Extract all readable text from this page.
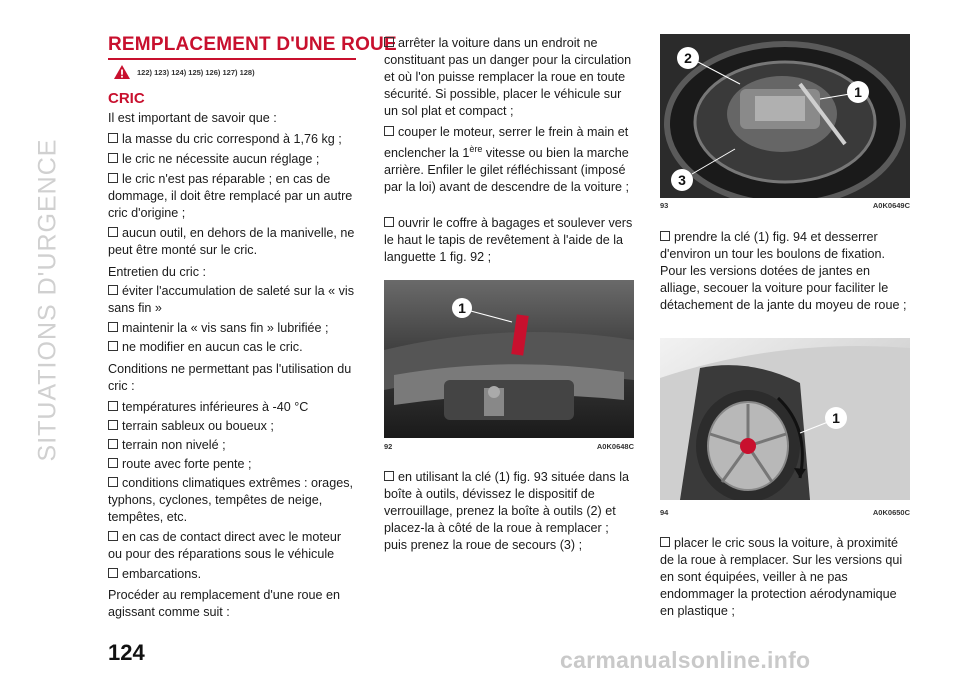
SITUATIONS D'URGENCE
REMPLACEMENT D'UNE ROUE
122) 123) 124) 125) 126) 127) 128)
CRIC

Il est important de savoir que :

la masse du cric correspond à 1,76 kg ;

le cric ne nécessite aucun réglage ;

le cric n'est pas réparable ; en cas de dommage, il doit être remplacé par un autre cric d'origine ;

aucun outil, en dehors de la manivelle, ne peut être monté sur le cric.

Entretien du cric :

éviter l'accumulation de saleté sur la « vis sans fin »

maintenir la « vis sans fin » lubrifiée ;

ne modifier en aucun cas le cric.

Conditions ne permettant pas l'utilisation du cric :

températures inférieures à -40 °C

terrain sableux ou boueux ;

terrain non nivelé ;

route avec forte pente ;

conditions climatiques extrêmes : orages, typhons, cyclones, tempêtes de neige, tempêtes, etc.

en cas de contact direct avec le moteur ou pour des réparations sous le véhicule

embarcations.

Procéder au remplacement d'une roue en agissant comme suit :

arrêter la voiture dans un endroit ne constituant pas un danger pour la circulation et où l'on puisse remplacer la roue en toute sécurité. Si possible, placer le véhicule sur un sol plat et compact ;

couper le moteur, serrer le frein à main et enclencher la 1ère vitesse ou bien la marche arrière. Enfiler le gilet réfléchissant (imposé par la loi) avant de descendre de la voiture ;

ouvrir le coffre à bagages et soulever vers le haut le tapis de revêtement à l'aide de la languette 1 fig. 92 ;

1
92	A0K0648C

en utilisant la clé (1) fig. 93 située dans la boîte à outils, dévissez le dispositif de verrouillage, prenez la boîte à outils (2) et placez-la à côté de la roue à remplacer ; puis prenez la roue de secours (3) ;

2
1
3
93	A0K0649C

prendre la clé (1) fig. 94 et desserrer d'environ un tour les boulons de fixation. Pour les versions dotées de jantes en alliage, secouer la voiture pour faciliter le détachement de la jante du moyeu de roue ;

1
94	A0K0650C

placer le cric sous la voiture, à proximité de la roue à remplacer. Sur les versions qui en sont équipées, veiller à ne pas endommager la protection aérodynamique en plastique ;

124	carmanualsonline.info
